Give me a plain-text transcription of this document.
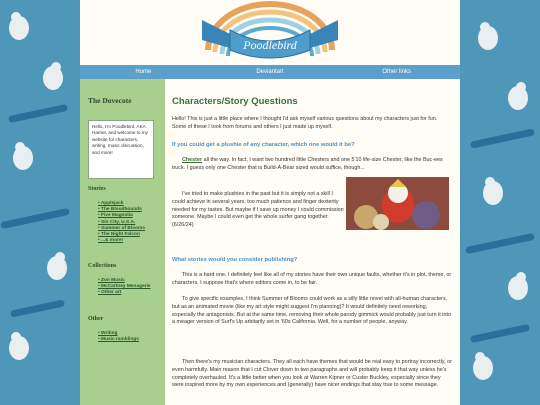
Poodlebird
Home	Deviantart	Other links
The Dovecote
Hello, I'm Poodlebird, AKA Harriet, and welcome to my website for characters, writing, music discussion, and more!
Stories
• Applejack
• The Bloodhounds
• Five Magnolia
• Sin City, U.S.A.
• Summer of Blooms
• The Night Falcon
• ...& more!
Collections
• Zon Music
• McCartney Menagerie
• Other art
Other
• Writing
• Music ramblings
Characters/Story Questions
Hello! This is just a little place where I thought I'd ask myself various questions about my characters just for fun. Some of these I took from forums and others I just made up myself.
If you could get a plushie of any character, which one would it be?
Chester all the way. In fact, I want two hundred little Chesters and one 5'10 life-size Chester, like the Buc-ees truck. I guess only one Chester that is Build-A-Bear sized would suffice, though...
I've tried to make plushies in the past but it is simply not a skill I could achieve in several years, too much patience and finger dexterity needed for my tastes. But maybe if I save up money I could commission someone. Maybe I could even get the whole surfer gang together. (6/26/24)
What stories would you consider publishing?
This is a hard one. I definitely feel like all of my stories have their own unique faults, whether it's in plot, theme, or characters. I suppose that's where editors come in, to be fair.
To give specific examples, I think Summer of Blooms could work as a silly little novel with all-human characters, but as an animated movie (like my art style might suggest I'm planning)? It would definitely need reworking, especially the antagonists. But at the same time, removing their whole parody gimmick would probably just turn it into a meager version of Surf's Up arbitarily set in '60s California. Well, for a number of people, anyway.
Then there's my musician characters. They all each have themes that would be real easy to portray incorrectly, or even harmfully. Main reason that I cut Clover down to two paragraphs and will probably keep it that way unless he's completely overhauled. It's a little better when you look at Warren Kipner or Custer Buckley, especially since they were inspired more by my own experiences and (generally) have nicer endings that stay true to some message.
